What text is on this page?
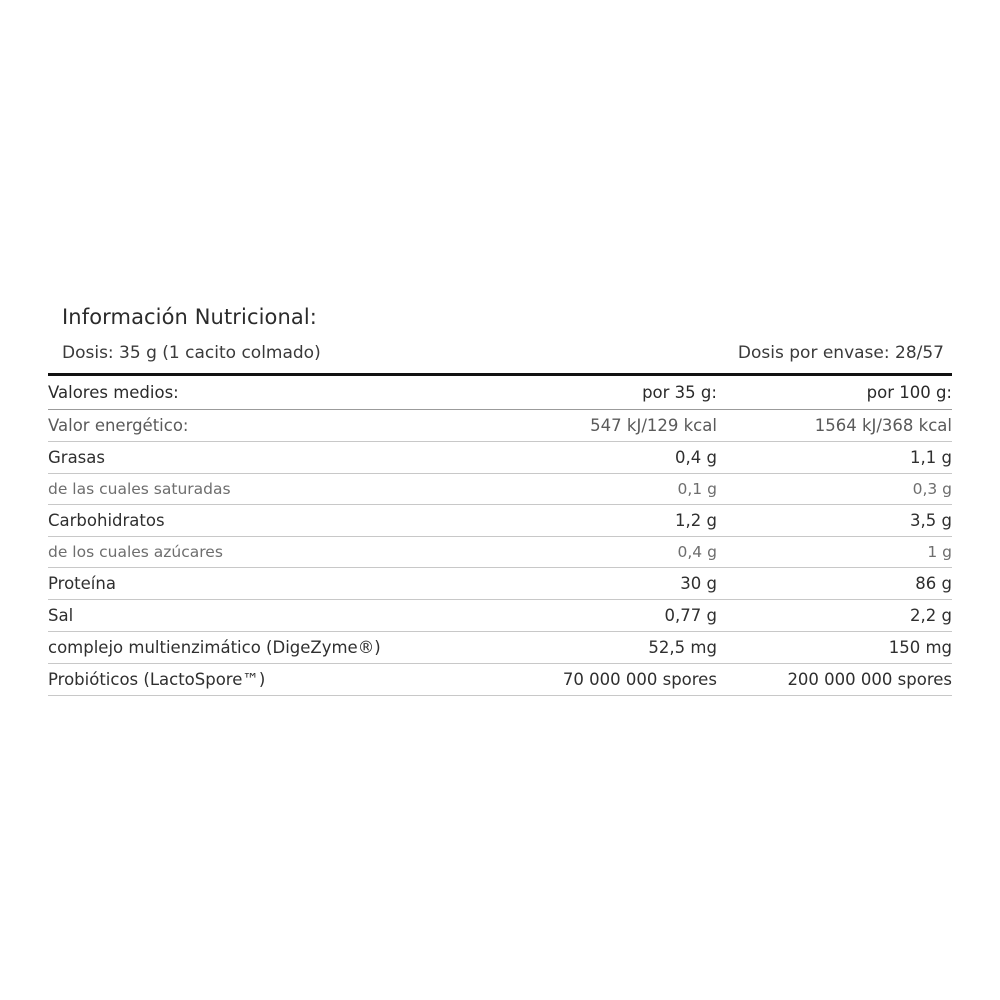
Información Nutricional:
Dosis: 35 g (1 cacito colmado)	Dosis por envase: 28/57
Valores medios:	por 35 g:	por 100 g:
Valor energético:	547 kJ/129 kcal	1564 kJ/368 kcal
Grasas	0,4 g	1,1 g
de las cuales saturadas	0,1 g	0,3 g
Carbohidratos	1,2 g	3,5 g
de los cuales azúcares	0,4 g	1 g
Proteína	30 g	86 g
Sal	0,77 g	2,2 g
complejo multienzimático (DigeZyme®)	52,5 mg	150 mg
Probióticos (LactoSpore™)	70 000 000 spores	200 000 000 spores
